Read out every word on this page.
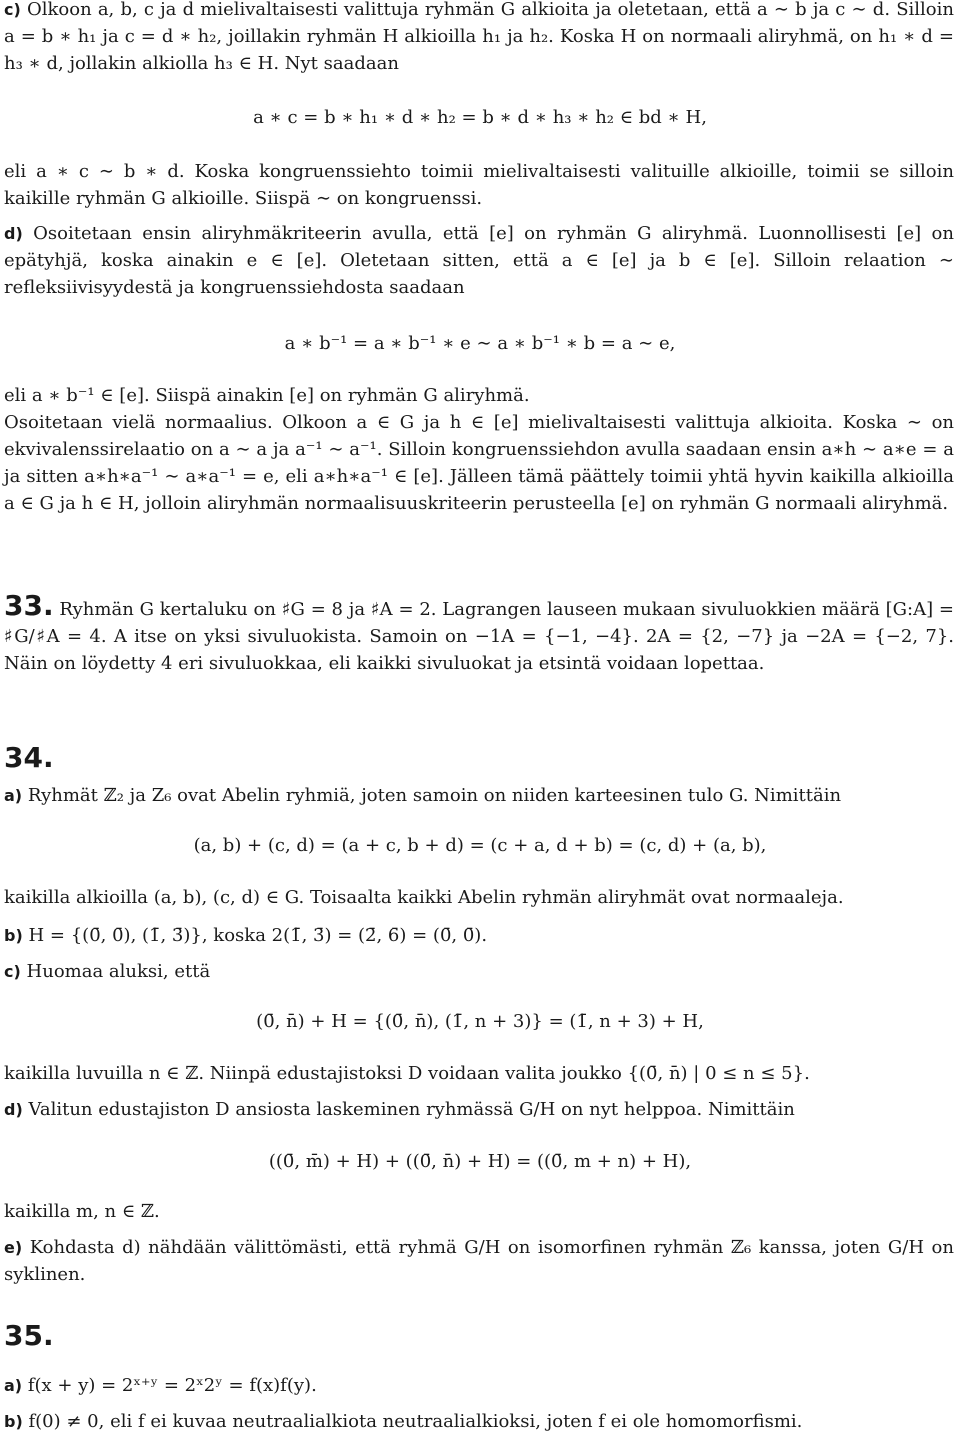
c) Olkoon a, b, c ja d mielivaltaisesti valittuja ryhmän G alkioita ja oletetaan, että a ∼ b ja c ∼ d. Silloin a = b ∗ h₁ ja c = d ∗ h₂, joillakin ryhmän H alkioilla h₁ ja h₂. Koska H on normaali aliryhmä, on h₁ ∗ d = h₃ ∗ d, jollakin alkiolla h₃ ∈ H. Nyt saadaan

a ∗ c = b ∗ h₁ ∗ d ∗ h₂ = b ∗ d ∗ h₃ ∗ h₂ ∈ bd ∗ H,

eli a ∗ c ∼ b ∗ d. Koska kongruenssiehto toimii mielivaltaisesti valituille alkioille, toimii se silloin kaikille ryhmän G alkioille. Siispä ∼ on kongruenssi.

d) Osoitetaan ensin aliryhmäkriteerin avulla, että [e] on ryhmän G aliryhmä. Luonnollisesti [e] on epätyhjä, koska ainakin e ∈ [e]. Oletetaan sitten, että a ∈ [e] ja b ∈ [e]. Silloin relaation ∼ refleksiivisyydestä ja kongruenssiehdosta saadaan

a ∗ b⁻¹ = a ∗ b⁻¹ ∗ e ∼ a ∗ b⁻¹ ∗ b = a ∼ e,

eli a ∗ b⁻¹ ∈ [e]. Siispä ainakin [e] on ryhmän G aliryhmä.

Osoitetaan vielä normaalius. Olkoon a ∈ G ja h ∈ [e] mielivaltaisesti valittuja alkioita. Koska ∼ on ekvivalenssirelaatio on a ∼ a ja a⁻¹ ∼ a⁻¹. Silloin kongruenssiehdon avulla saadaan ensin a∗h ∼ a∗e = a ja sitten a∗h∗a⁻¹ ∼ a∗a⁻¹ = e, eli a∗h∗a⁻¹ ∈ [e]. Jälleen tämä päättely toimii yhtä hyvin kaikilla alkioilla a ∈ G ja h ∈ H, jolloin aliryhmän normaalisuuskriteerin perusteella [e] on ryhmän G normaali aliryhmä.

33. Ryhmän G kertaluku on ♯G = 8 ja ♯A = 2. Lagrangen lauseen mukaan sivuluokkien määrä [G:A] = ♯G/♯A = 4. A itse on yksi sivuluokista. Samoin on −1A = {−1, −4}. 2A = {2, −7} ja −2A = {−2, 7}. Näin on löydetty 4 eri sivuluokkaa, eli kaikki sivuluokat ja etsintä voidaan lopettaa.

34.

a) Ryhmät ℤ₂ ja Z₆ ovat Abelin ryhmiä, joten samoin on niiden karteesinen tulo G. Nimittäin

(a, b) + (c, d) = (a + c, b + d) = (c + a, d + b) = (c, d) + (a, b),

kaikilla alkioilla (a, b), (c, d) ∈ G. Toisaalta kaikki Abelin ryhmän aliryhmät ovat normaaleja.

b) H = {(0̄, 0̄), (1̄, 3̄)}, koska 2(1̄, 3̄) = (2̄, 6̄) = (0̄, 0̄).

c) Huomaa aluksi, että

(0̄, n̄) + H = {(0̄, n̄), (1̄, n + 3)} = (1̄, n + 3) + H,

kaikilla luvuilla n ∈ ℤ. Niinpä edustajistoksi D voidaan valita joukko {(0̄, n̄) | 0 ≤ n ≤ 5}.

d) Valitun edustajiston D ansiosta laskeminen ryhmässä G/H on nyt helppoa. Nimittäin

((0̄, m̄) + H) + ((0̄, n̄) + H) = ((0̄, m + n) + H),

kaikilla m, n ∈ ℤ.

e) Kohdasta d) nähdään välittömästi, että ryhmä G/H on isomorfinen ryhmän ℤ₆ kanssa, joten G/H on syklinen.

35.

a) f(x + y) = 2ˣ⁺ʸ = 2ˣ2ʸ = f(x)f(y).

b) f(0) ≠ 0, eli f ei kuvaa neutraalialkiota neutraalialkioksi, joten f ei ole homomorfismi.
